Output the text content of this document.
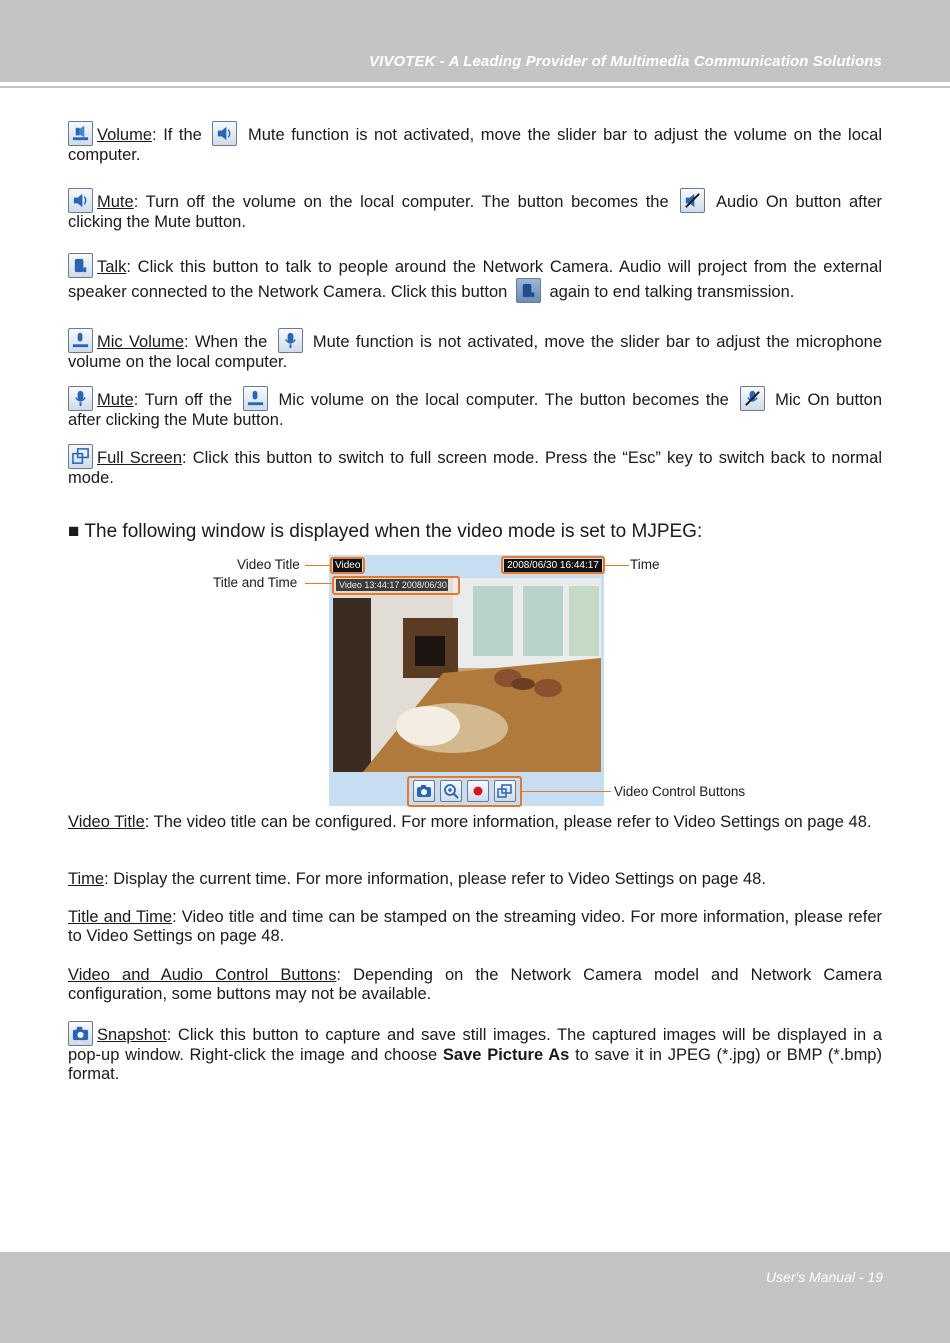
VIVOTEK - A Leading Provider of Multimedia Communication Solutions
Volume: If the
Mute function is not activated, move the slider bar to adjust the volume on the local computer.
Mute: Turn off the volume on the local computer. The button becomes the
Audio On button after clicking the Mute button.
Talk: Click this button to talk to people around the Network Camera. Audio will project from the external speaker connected to the Network Camera. Click this button
again to end talking transmission.
Mic Volume: When the
Mute function is not activated, move the slider bar to adjust the microphone volume on the local computer.
Mute: Turn off the
Mic volume on the local computer. The button becomes the
Mic On button after clicking the Mute button.
Full Screen: Click this button to switch to full screen mode. Press the “Esc” key to switch back to normal mode.
■ The following window is displayed when the video mode is set to MJPEG:
Video	2008/06/30 16:44:17
Video 13:44:17 2008/06/30
Video Title
Title and Time
Time
Video Control Buttons
Video Title: The video title can be configured. For more information, please refer to Video Settings on page 48.
Time: Display the current time. For more information, please refer to Video Settings on page 48.
Title and Time: Video title and time can be stamped on the streaming video. For more information, please refer to Video Settings on page 48.
Video and Audio Control Buttons: Depending on the Network Camera model and Network Camera configuration, some buttons may not be available.
Snapshot: Click this button to capture and save still images. The captured images will be displayed in a pop-up window. Right-click the image and choose Save Picture As to save it in JPEG (*.jpg) or BMP (*.bmp) format.
User's Manual - 19
